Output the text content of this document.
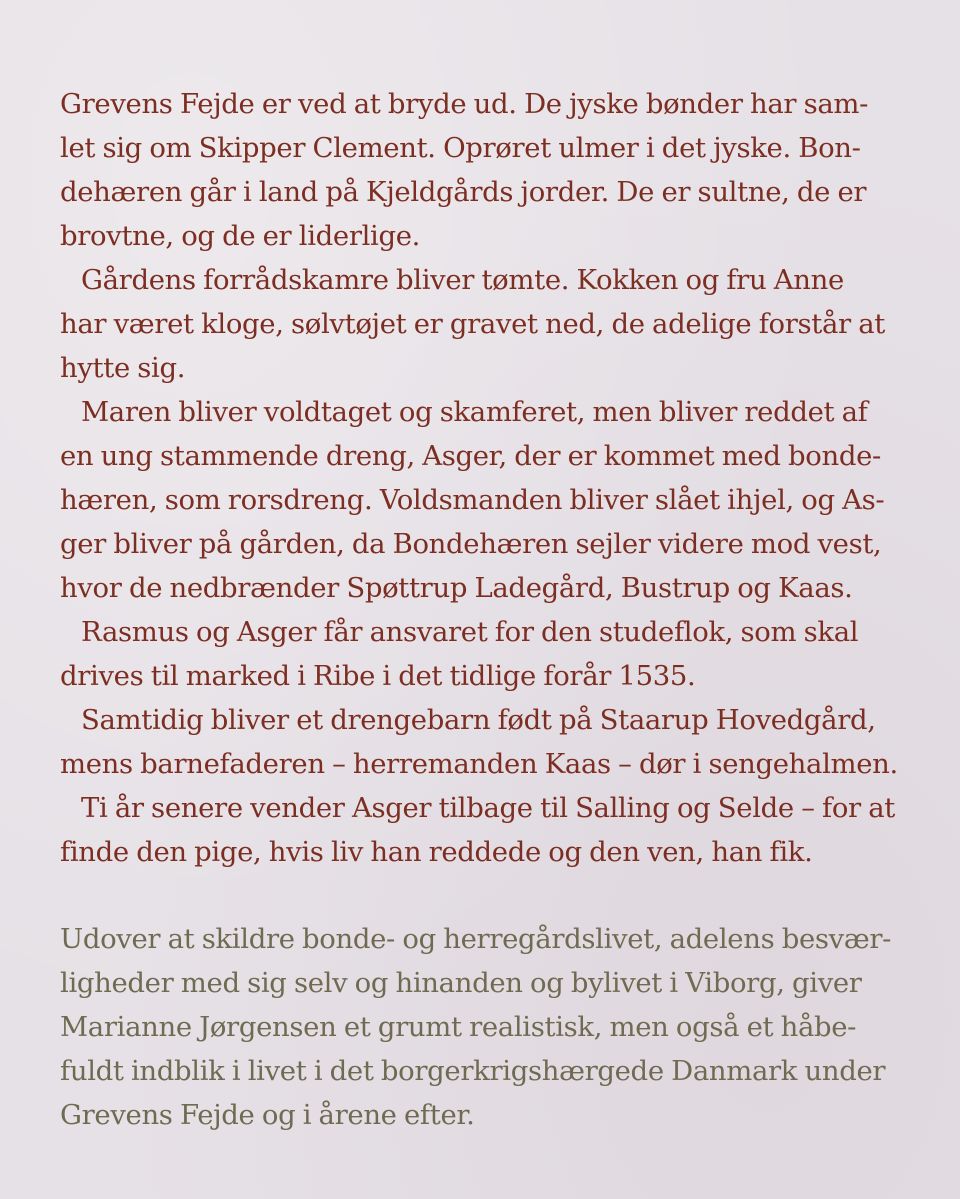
Grevens Fejde er ved at bryde ud. De jyske bønder har sam-
let sig om Skipper Clement. Oprøret ulmer i det jyske. Bon-
dehæren går i land på Kjeldgårds jorder. De er sultne, de er
brovtne, og de er liderlige.
Gårdens forrådskamre bliver tømte. Kokken og fru Anne
har været kloge, sølvtøjet er gravet ned, de adelige forstår at
hytte sig.
Maren bliver voldtaget og skamferet, men bliver reddet af
en ung stammende dreng, Asger, der er kommet med bonde-
hæren, som rorsdreng. Voldsmanden bliver slået ihjel, og As-
ger bliver på gården, da Bondehæren sejler videre mod vest,
hvor de nedbrænder Spøttrup Ladegård, Bustrup og Kaas.
Rasmus og Asger får ansvaret for den studeflok, som skal
drives til marked i Ribe i det tidlige forår 1535.
Samtidig bliver et drengebarn født på Staarup Hovedgård,
mens barnefaderen – herremanden Kaas – dør i sengehalmen.
Ti år senere vender Asger tilbage til Salling og Selde – for at
finde den pige, hvis liv han reddede og den ven, han fik.

Udover at skildre bonde- og herregårdslivet, adelens besvær-
ligheder med sig selv og hinanden og bylivet i Viborg, giver
Marianne Jørgensen et grumt realistisk, men også et håbe-
fuldt indblik i livet i det borgerkrigshærgede Danmark under
Grevens Fejde og i årene efter.
